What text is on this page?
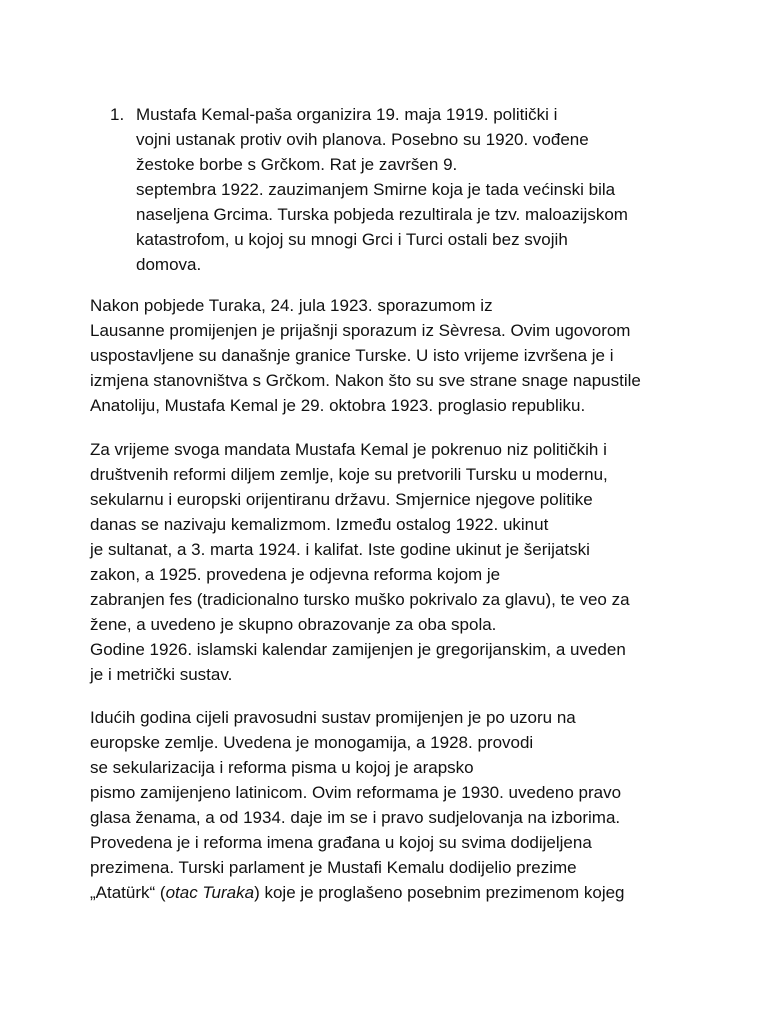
1. Mustafa Kemal-paša organizira 19. maja 1919. politički i
vojni ustanak protiv ovih planova. Posebno su 1920. vođene
žestoke borbe s Grčkom. Rat je završen 9.
septembra 1922. zauzimanjem Smirne koja je tada većinski bila
naseljena Grcima. Turska pobjeda rezultirala je tzv. maloazijskom
katastrofom, u kojoj su mnogi Grci i Turci ostali bez svojih
domova.
Nakon pobjede Turaka, 24. jula 1923. sporazumom iz
Lausanne promijenjen je prijašnji sporazum iz Sèvresa. Ovim ugovorom
uspostavljene su današnje granice Turske. U isto vrijeme izvršena je i
izmjena stanovništva s Grčkom. Nakon što su sve strane snage napustile
Anatoliju, Mustafa Kemal je 29. oktobra 1923. proglasio republiku.
Za vrijeme svoga mandata Mustafa Kemal je pokrenuo niz političkih i
društvenih reformi diljem zemlje, koje su pretvorili Tursku u modernu,
sekularnu i europski orijentiranu državu. Smjernice njegove politike
danas se nazivaju kemalizmom. Između ostalog 1922. ukinut
je sultanat, a 3. marta 1924. i kalifat. Iste godine ukinut je šerijatski
zakon, a 1925. provedena je odjevna reforma kojom je
zabranjen fes (tradicionalno tursko muško pokrivalo za glavu), te veo za
žene, a uvedeno je skupno obrazovanje za oba spola.
Godine 1926. islamski kalendar zamijenjen je gregorijanskim, a uveden
je i metrički sustav.
Idućih godina cijeli pravosudni sustav promijenjen je po uzoru na
europske zemlje. Uvedena je monogamija, a 1928. provodi
se sekularizacija i reforma pisma u kojoj je arapsko
pismo zamijenjeno latinicom. Ovim reformama je 1930. uvedeno pravo
glasa ženama, a od 1934. daje im se i pravo sudjelovanja na izborima.
Provedena je i reforma imena građana u kojoj su svima dodijeljena
prezimena. Turski parlament je Mustafi Kemalu dodijelio prezime
„Atatürk“ (otac Turaka) koje je proglašeno posebnim prezimenom kojeg
